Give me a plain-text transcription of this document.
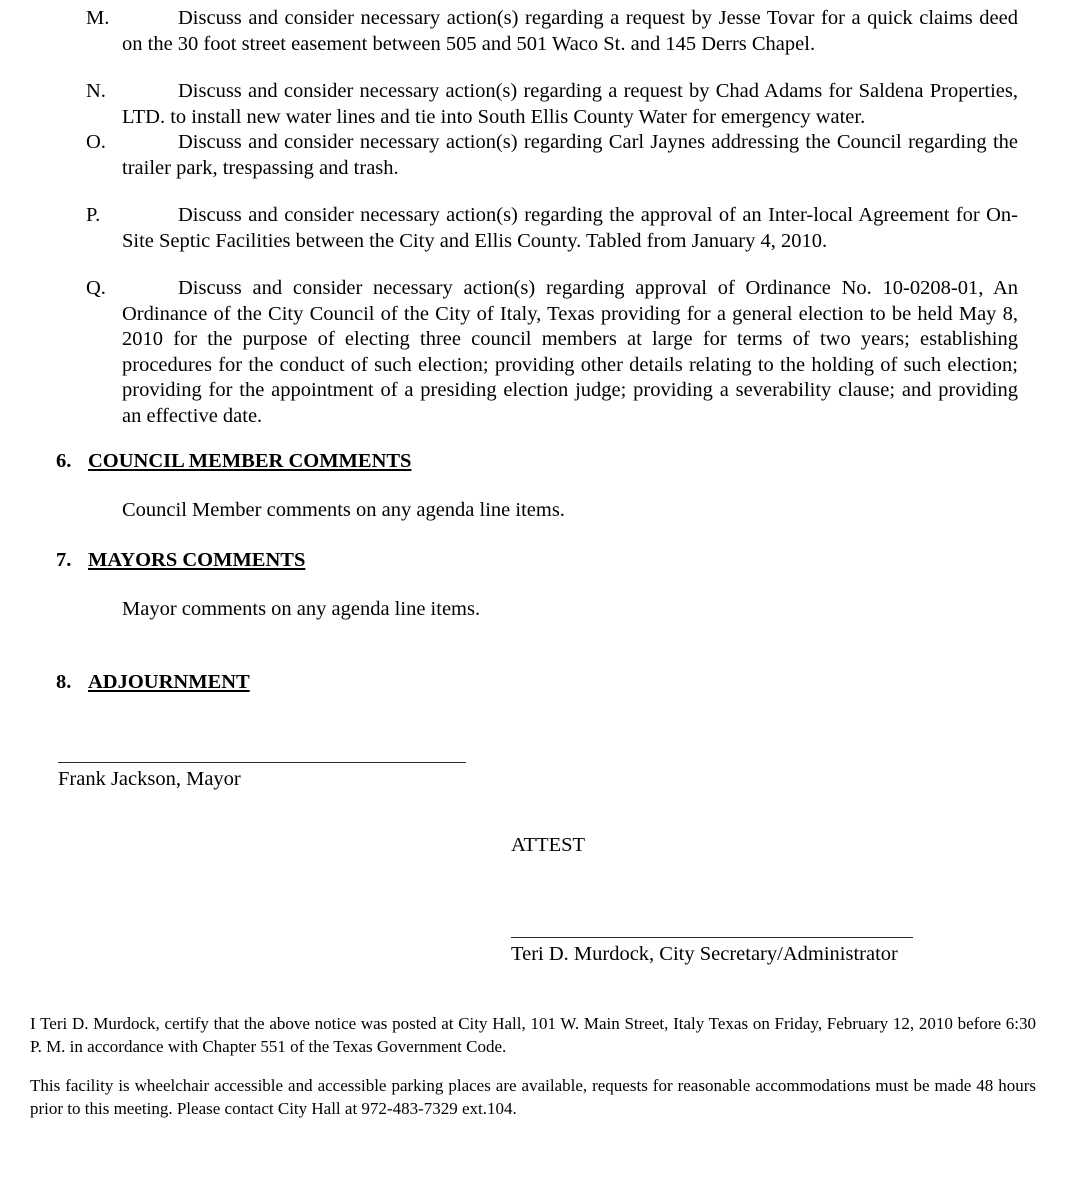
M.	Discuss and consider necessary action(s) regarding a request by Jesse Tovar for a quick claims deed on the 30 foot street easement between 505 and 501 Waco St. and 145 Derrs Chapel.
N.	Discuss and consider necessary action(s) regarding a request by Chad Adams for Saldena Properties, LTD. to install new water lines and tie into South Ellis County Water for emergency water.
O.	Discuss and consider necessary action(s) regarding Carl Jaynes addressing the Council regarding the trailer park, trespassing and trash.
P.	Discuss and consider necessary action(s) regarding the approval of an Inter-local Agreement for On-Site Septic Facilities between the City and Ellis County. Tabled from January 4, 2010.
Q.	Discuss and consider necessary action(s) regarding approval of Ordinance No. 10-0208-01, An Ordinance of the City Council of the City of Italy, Texas providing for a general election to be held May 8, 2010 for the purpose of electing three council members at large for terms of two years; establishing procedures for the conduct of such election; providing other details relating to the holding of such election; providing for the appointment of a presiding election judge; providing a severability clause; and providing an effective date.
6. COUNCIL MEMBER COMMENTS
Council Member comments on any agenda line items.
7. MAYORS COMMENTS
Mayor comments on any agenda line items.
8. ADJOURNMENT
Frank Jackson, Mayor
ATTEST
Teri D. Murdock, City Secretary/Administrator
I Teri D. Murdock, certify that the above notice was posted at City Hall, 101 W. Main Street, Italy Texas on Friday, February 12, 2010 before 6:30 P. M. in accordance with Chapter 551 of the Texas Government Code.
This facility is wheelchair accessible and accessible parking places are available, requests for reasonable accommodations must be made 48 hours prior to this meeting. Please contact City Hall at 972-483-7329 ext.104.
